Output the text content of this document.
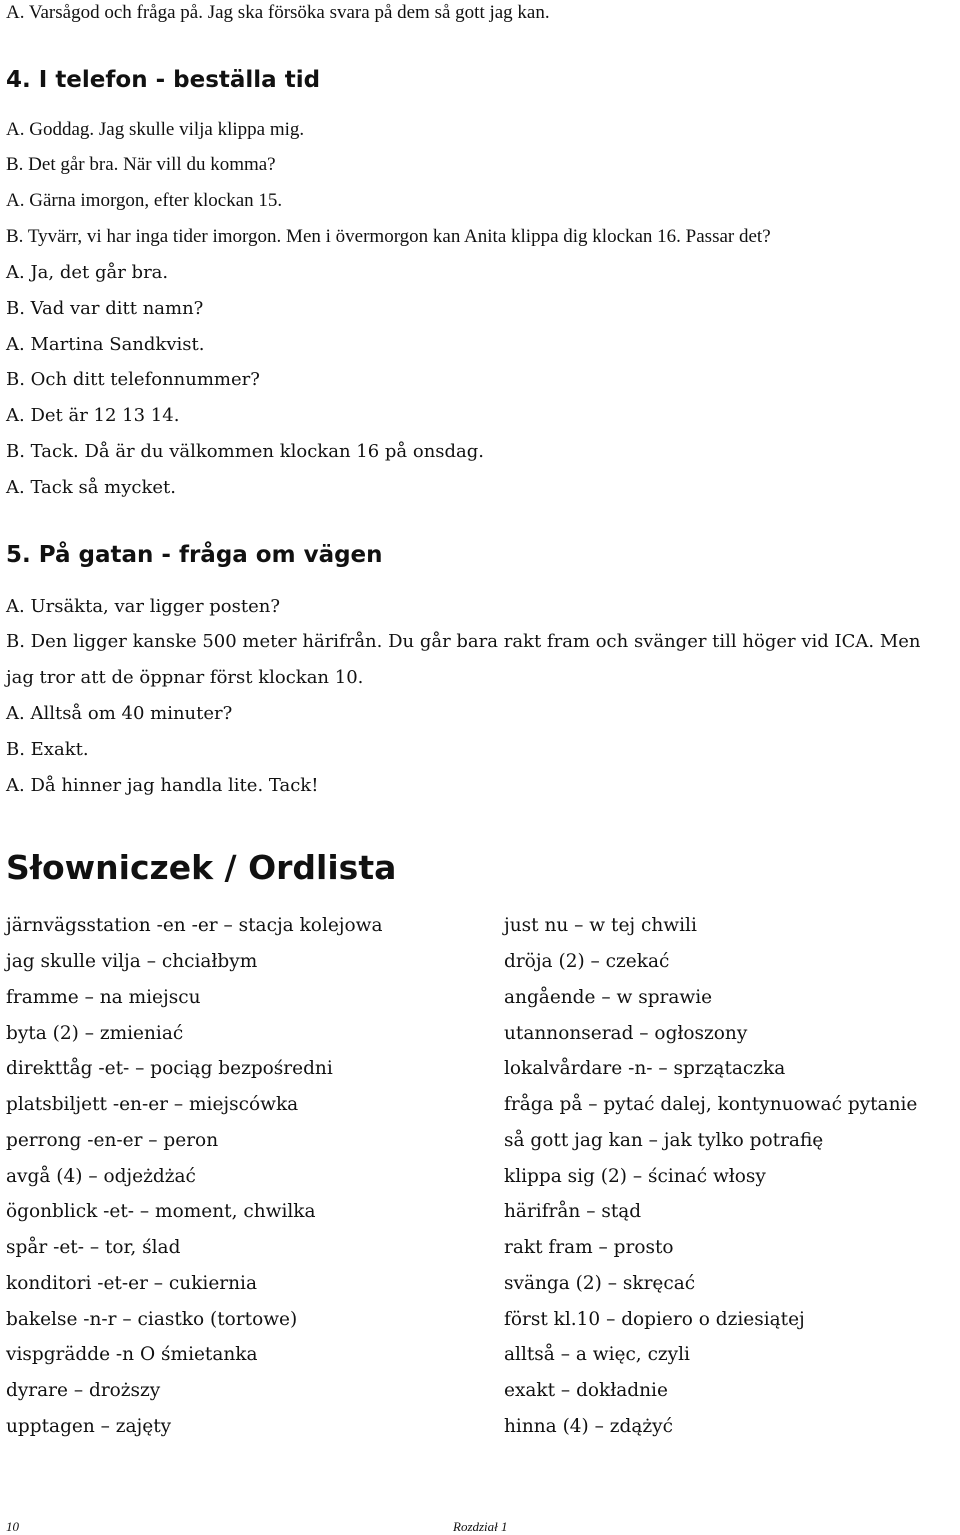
A. Varsågod och fråga på. Jag ska försöka svara på dem så gott jag kan.
4. I telefon - beställa tid
A. Goddag. Jag skulle vilja klippa mig.
B. Det går bra. När vill du komma?
A. Gärna imorgon, efter klockan 15.
B. Tyvärr, vi har inga tider imorgon. Men i övermorgon kan Anita klippa dig klockan 16. Passar det?
A. Ja, det går bra.
B. Vad var ditt namn?
A. Martina Sandkvist.
B. Och ditt telefonnummer?
A. Det är 12 13 14.
B. Tack. Då är du välkommen klockan 16 på onsdag.
A. Tack så mycket.
5. På gatan - fråga om vägen
A. Ursäkta, var ligger posten?
B. Den ligger kanske 500 meter härifrån. Du går bara rakt fram och svänger till höger vid ICA. Men jag tror att de öppnar först klockan 10.
A. Alltså om 40 minuter?
B. Exakt.
A. Då hinner jag handla lite. Tack!
Słowniczek / Ordlista
järnvägsstation -en -er – stacja kolejowa
jag skulle vilja – chciałbym
framme – na miejscu
byta (2) – zmieniać
direkttåg -et- – pociąg bezpośredni
platsbiljett -en-er – miejscówka
perrong -en-er – peron
avgå (4) – odjeżdżać
ögonblick -et- – moment, chwilka
spår -et- – tor, ślad
konditori -et-er – cukiernia
bakelse -n-r – ciastko (tortowe)
vispgrädde -n O śmietanka
dyrare – droższy
upptagen – zajęty
just nu – w tej chwili
dröja (2) – czekać
angående – w sprawie
utannonserad – ogłoszony
lokalvårdare -n- – sprzątaczka
fråga på – pytać dalej, kontynuować pytanie
så gott jag kan – jak tylko potrafię
klippa sig (2) – ścinać włosy
härifrån – stąd
rakt fram – prosto
svänga (2) – skręcać
först kl.10 – dopiero o dziesiątej
alltså – a więc, czyli
exakt – dokładnie
hinna (4) – zdążyć
10	Rozdział 1
